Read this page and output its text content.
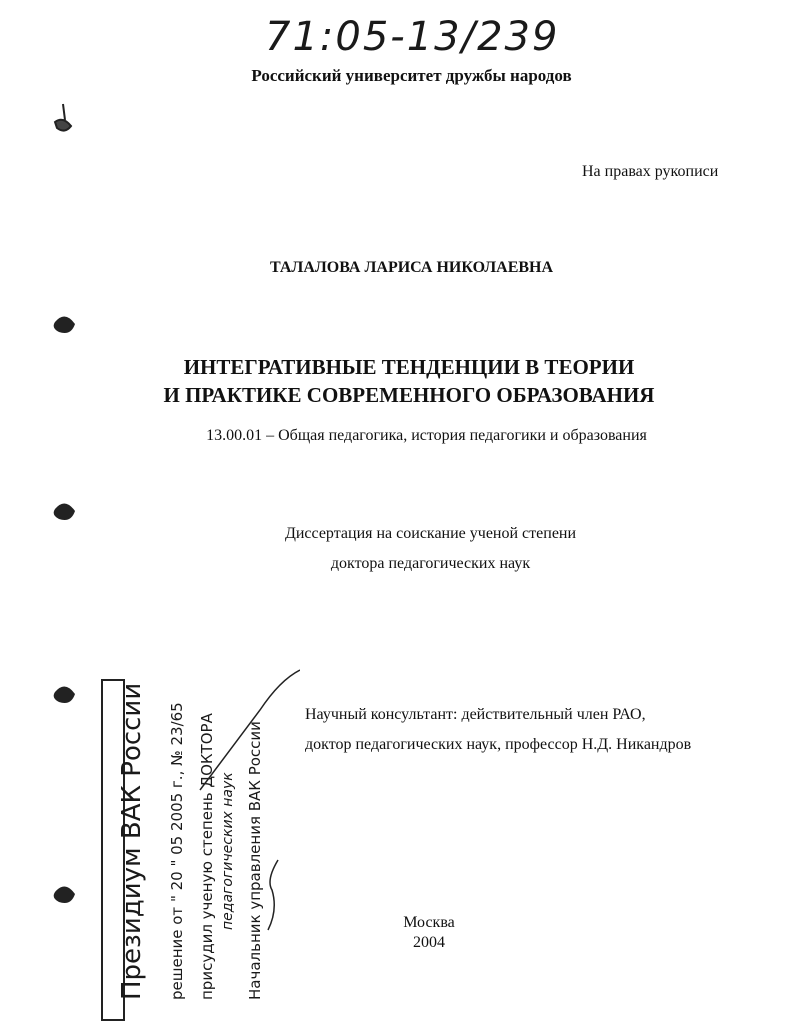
71:05-13/239
Российский университет дружбы народов
На правах рукописи
ТАЛАЛОВА ЛАРИСА НИКОЛАЕВНА
ИНТЕГРАТИВНЫЕ ТЕНДЕНЦИИ В ТЕОРИИ
И ПРАКТИКЕ СОВРЕМЕННОГО ОБРАЗОВАНИЯ
13.00.01 – Общая педагогика, история педагогики и образования
Диссертация на соискание ученой степени
доктора педагогических наук
Научный консультант: действительный член РАО,
доктор педагогических наук, профессор Н.Д. Никандров
Москва
2004
Президиум ВАК России решение от " 20 " 05 2005 г., № 23/65 присудил ученую степень ДОКТОРА педагогических наук Начальник управления ВАК России
